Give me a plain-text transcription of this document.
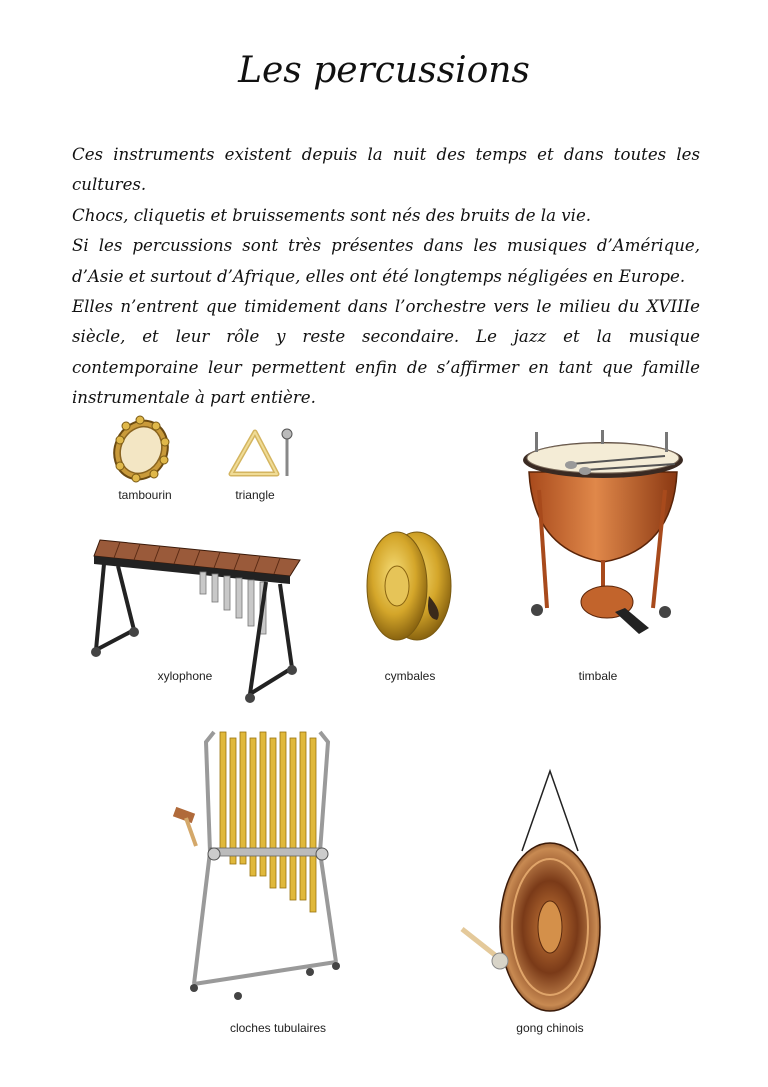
Les percussions

Ces instruments existent depuis la nuit des temps et dans toutes les cultures.

Chocs, cliquetis et bruissements sont nés des bruits de la vie.

Si les percussions sont très présentes dans les musiques d’Amérique, d’Asie et surtout d’Afrique, elles ont été longtemps négligées en Europe.

Elles n’entrent que timidement dans l’orchestre vers le milieu du XVIIIe siècle, et leur rôle y reste secondaire. Le jazz et la musique contemporaine leur permettent enfin de s’affirmer en tant que famille instrumentale à part entière.

tambourin	triangle
timbale
xylophone	cymbales
cloches tubulaires	gong chinois
